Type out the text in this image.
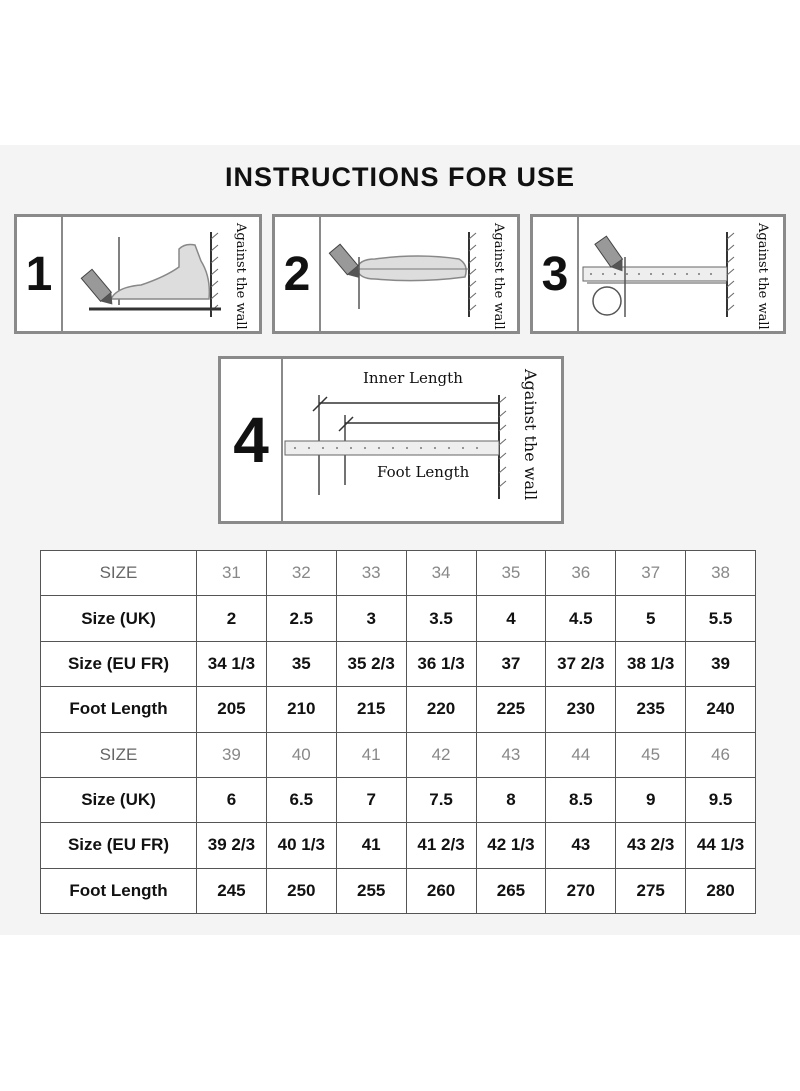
INSTRUCTIONS FOR USE
1	Against the wall 2	Against the wall 3	Against the wall
4
Inner Length
Foot Length	Against the wall
SIZE	31	32	33	34	35	36	37	38
Size (UK)	2	2.5	3	3.5	4	4.5	5	5.5
Size (EU FR)	34 1/3	35	35 2/3	36 1/3	37	37 2/3	38 1/3	39
Foot Length	205	210	215	220	225	230	235	240
SIZE	39	40	41	42	43	44	45	46
Size (UK)	6	6.5	7	7.5	8	8.5	9	9.5
Size (EU FR)	39 2/3	40 1/3	41	41 2/3	42 1/3	43	43 2/3	44 1/3
Foot Length	245	250	255	260	265	270	275	280
